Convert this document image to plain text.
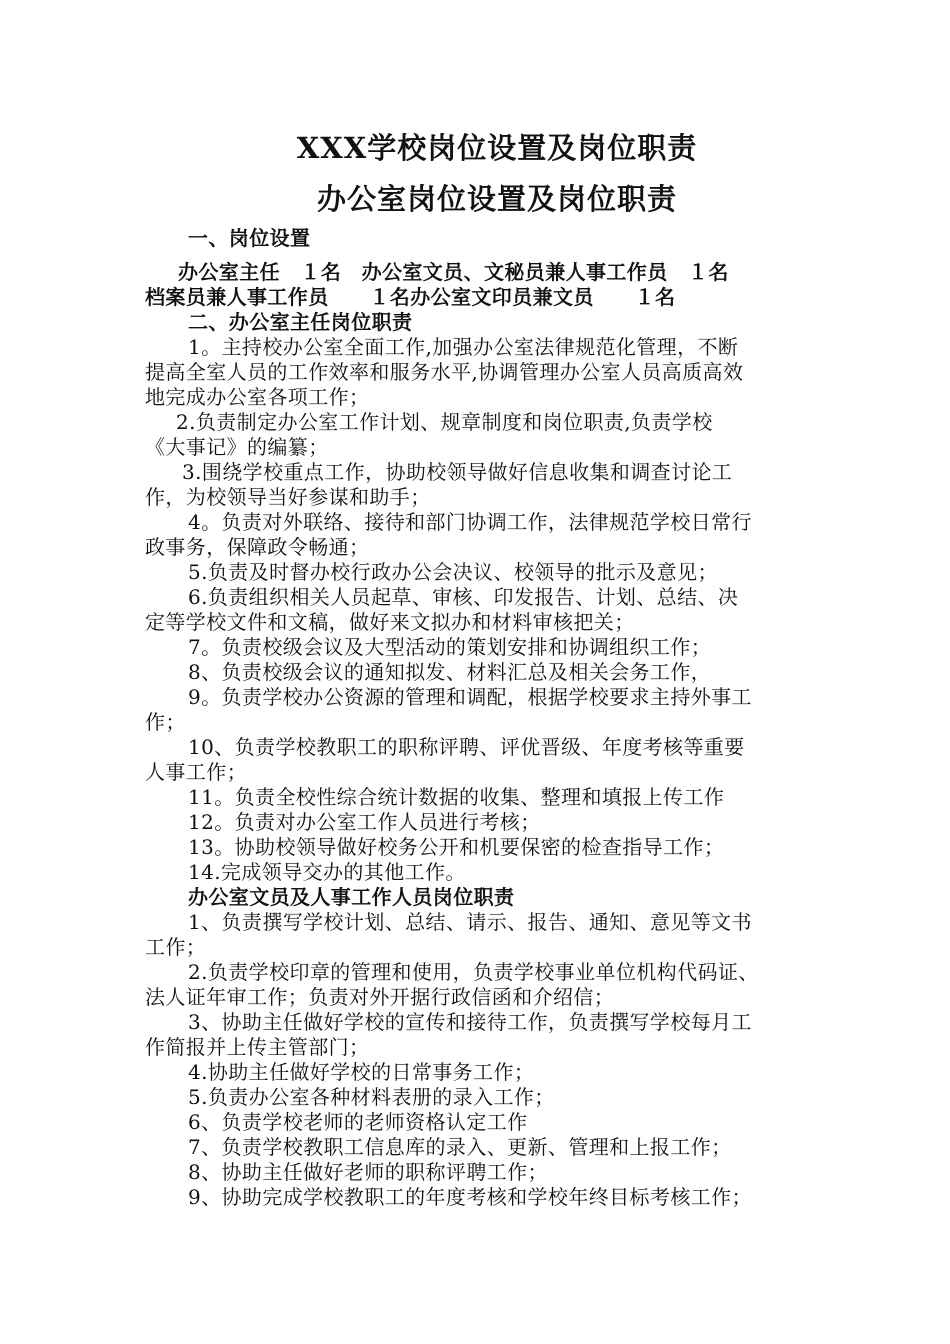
XXX学校岗位设置及岗位职责
办公室岗位设置及岗位职责
一、岗位设置
办公室主任　１名　办公室文员、文秘员兼人事工作员　１名
档案员兼人事工作员　　１名办公室文印员兼文员　　１名
二、办公室主任岗位职责
1。主持校办公室全面工作,加强办公室法律规范化管理，不断
提高全室人员的工作效率和服务水平,协调管理办公室人员高质高效
地完成办公室各项工作；
2.负责制定办公室工作计划、规章制度和岗位职责,负责学校
《大事记》的编纂；
3.围绕学校重点工作，协助校领导做好信息收集和调查讨论工
作，为校领导当好参谋和助手；
4。负责对外联络、接待和部门协调工作，法律规范学校日常行
政事务，保障政令畅通；
5.负责及时督办校行政办公会决议、校领导的批示及意见；
6.负责组织相关人员起草、审核、印发报告、计划、总结、决
定等学校文件和文稿，做好来文拟办和材料审核把关；
7。负责校级会议及大型活动的策划安排和协调组织工作；
8、负责校级会议的通知拟发、材料汇总及相关会务工作，
9。负责学校办公资源的管理和调配，根据学校要求主持外事工
作；
10、负责学校教职工的职称评聘、评优晋级、年度考核等重要
人事工作；
11。负责全校性综合统计数据的收集、整理和填报上传工作
12。负责对办公室工作人员进行考核；
13。协助校领导做好校务公开和机要保密的检查指导工作；
14.完成领导交办的其他工作。
办公室文员及人事工作人员岗位职责
1、负责撰写学校计划、总结、请示、报告、通知、意见等文书
工作；
2.负责学校印章的管理和使用，负责学校事业单位机构代码证、
法人证年审工作；负责对外开据行政信函和介绍信；
3、协助主任做好学校的宣传和接待工作，负责撰写学校每月工
作简报并上传主管部门；
4.协助主任做好学校的日常事务工作；
5.负责办公室各种材料表册的录入工作；
6、负责学校老师的老师资格认定工作
7、负责学校教职工信息库的录入、更新、管理和上报工作；
8、协助主任做好老师的职称评聘工作；
9、协助完成学校教职工的年度考核和学校年终目标考核工作；
